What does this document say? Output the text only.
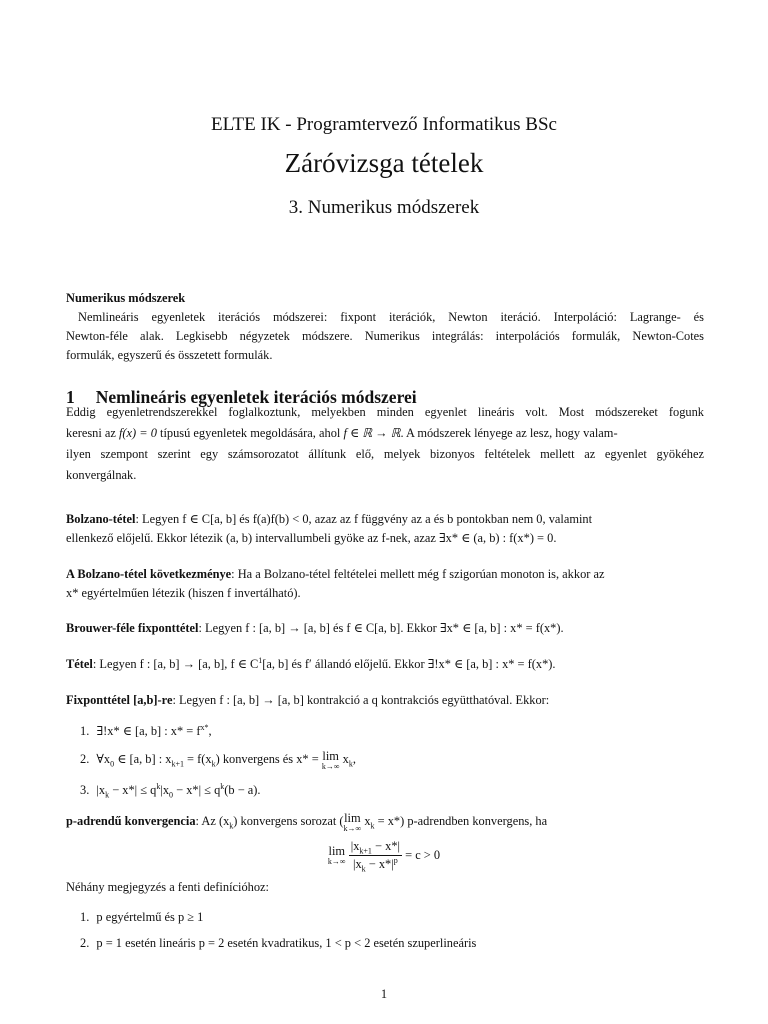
ELTE IK - Programtervező Informatikus BSc
Záróvizsga tételek
3. Numerikus módszerek
Numerikus módszerek
Nemlineáris egyenletek iterációs módszerei: fixpont iterációk, Newton iteráció. Interpoláció: Lagrange- és
Newton-féle alak. Legkisebb négyzetek módszere. Numerikus integrálás: interpolációs formulák, Newton-Cotes
formulák, egyszerű és összetett formulák.
1 Nemlineáris egyenletek iterációs módszerei
Eddig egyenletrendszerekkel foglalkoztunk, melyekben minden egyenlet lineáris volt. Most módszereket fogunk
keresni az f(x) = 0 típusú egyenletek megoldására, ahol f ∈ ℝ → ℝ. A módszerek lényege az lesz, hogy valam-
ilyen szempont szerint egy számsorozatot állítunk elő, melyek bizonyos feltételek mellett az egyenlet gyökéhez
konvergálnak.
Bolzano-tétel: Legyen f ∈ C[a, b] és f(a)f(b) < 0, azaz az f függvény az a és b pontokban nem 0, valamint
ellenkező előjelű. Ekkor létezik (a, b) intervallumbeli gyöke az f-nek, azaz ∃x* ∈ (a, b) : f(x*) = 0.
A Bolzano-tétel következménye: Ha a Bolzano-tétel feltételei mellett még f szigorúan monoton is, akkor az
x* egyértelműen létezik (hiszen f invertálható).
Brouwer-féle fixponttétel: Legyen f : [a, b] → [a, b] és f ∈ C[a, b]. Ekkor ∃x* ∈ [a, b] : x* = f(x*).
Tétel: Legyen f : [a, b] → [a, b], f ∈ $C^1[a$, b] és f′ állandó előjelű. Ekkor ∃!x* ∈ [a, b] : x* = f(x*).
Fixponttétel [a,b]-re: Legyen f : [a, b] → [a, b] kontrakció a q kontrakciós együtthatóval. Ekkor:
1. ∃!x* ∈ [a, b] : $x* = f^{x*}$,
2. $\forall x_0$ ∈ [a, b] : $x_{k+1} = f(x_k)$ konvergens és x* = lim
k→∞
$x_k$,
3. $|x_k - x*| \le q^k|x_0 - x*| \le q^k(b - a)$.
p-adrendű konvergencia: Az $(x_k)$ konvergens sorozat (lim
k→∞
$x_k = x*$) p-adrendben konvergens, ha
lim
k→∞
$\frac{|x_{k+1} - x*|}{|x_k - x*|^p} = c > 0$
Néhány megjegyzés a fenti definícióhoz:
1. p egyértelmű és p ≥ 1
2. p = 1 esetén lineáris p = 2 esetén kvadratikus, 1 < p < 2 esetén szuperlineáris
1
